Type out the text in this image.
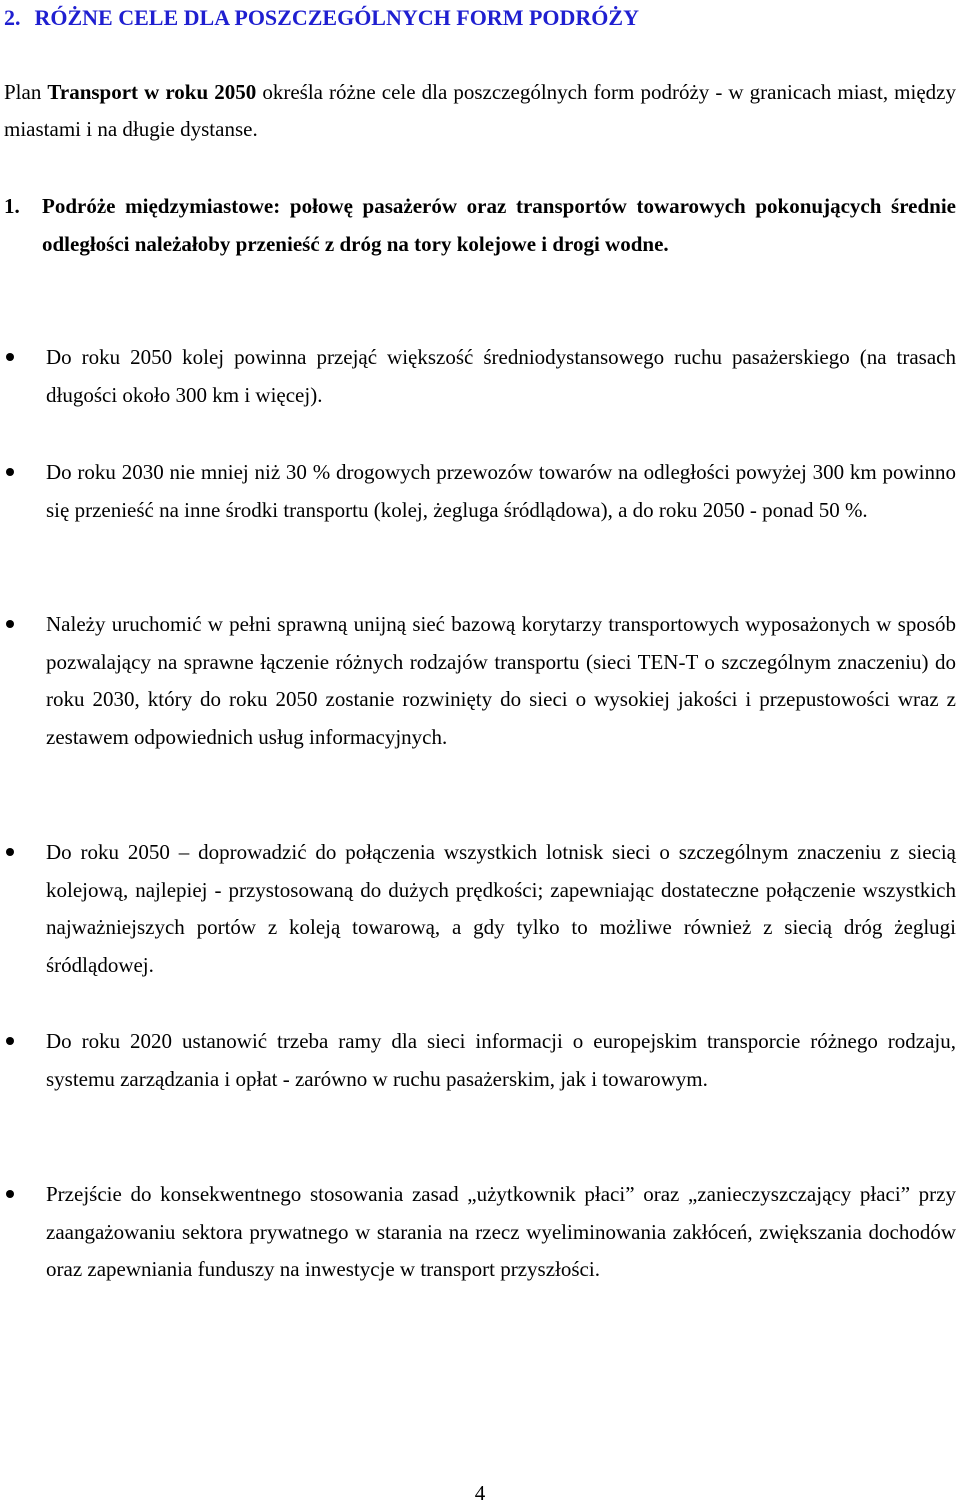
2. RÓŻNE CELE DLA POSZCZEGÓLNYCH FORM PODRÓŻY

Plan Transport w roku 2050 określa różne cele dla poszczególnych form podróży - w granicach miast, między miastami i na długie dystanse.

1. Podróże międzymiastowe: połowę pasażerów oraz transportów towarowych pokonujących średnie odległości należałoby przenieść z dróg na tory kolejowe i drogi wodne.
Do roku 2050 kolej powinna przejąć większość średniodystansowego ruchu pasażerskiego (na trasach długości około 300 km i więcej).
Do roku 2030 nie mniej niż 30 % drogowych przewozów towarów na odległości powyżej 300 km powinno się przenieść na inne środki transportu (kolej, żegluga śródlądowa), a do roku 2050 - ponad 50 %.
Należy uruchomić w pełni sprawną unijną sieć bazową korytarzy transportowych wyposażonych w sposób pozwalający na sprawne łączenie różnych rodzajów transportu (sieci TEN-T o szczególnym znaczeniu) do roku 2030, który do roku 2050 zostanie rozwinięty do sieci o wysokiej jakości i przepustowości wraz z zestawem odpowiednich usług informacyjnych.
Do roku 2050 – doprowadzić do połączenia wszystkich lotnisk sieci o szczególnym znaczeniu z siecią kolejową, najlepiej - przystosowaną do dużych prędkości; zapewniając dostateczne połączenie wszystkich najważniejszych portów z koleją towarową, a gdy tylko to możliwe również z siecią dróg żeglugi śródlądowej.
Do roku 2020 ustanowić trzeba ramy dla sieci informacji o europejskim transporcie różnego rodzaju, systemu zarządzania i opłat - zarówno w ruchu pasażerskim, jak i towarowym.
Przejście do konsekwentnego stosowania zasad „użytkownik płaci” oraz „zanieczyszczający płaci” przy zaangażowaniu sektora prywatnego w starania na rzecz wyeliminowania zakłóceń, zwiększania dochodów oraz zapewniania funduszy na inwestycje w transport przyszłości.

4
